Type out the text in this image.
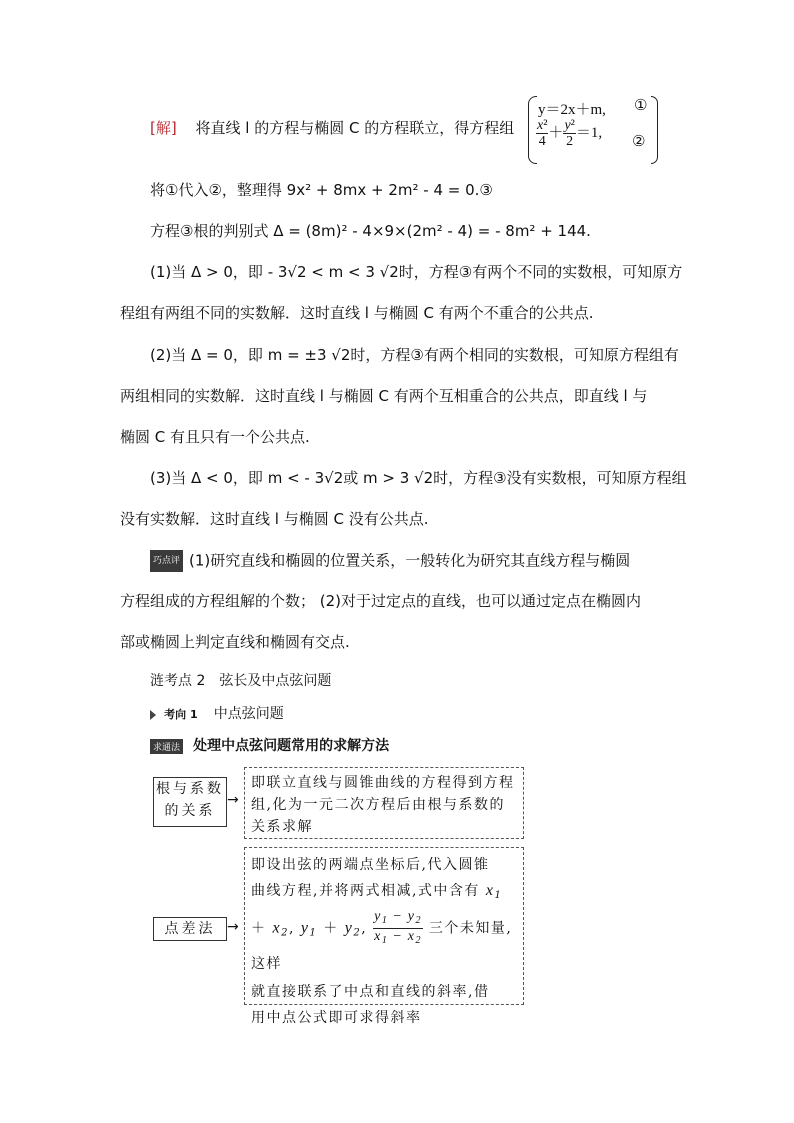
[解] 将直线 l 的方程与椭圆 C 的方程联立，得方程组
y＝2x＋m, ①
$\frac{\text{x²}}{4} + \frac{\text{y²}}{2} =1$, ②
将①代入②，整理得 9x² + 8mx + 2m² - 4 = 0.③
方程③根的判别式 Δ = (8m)² - 4×9×(2m² - 4) = - 8m² + 144.
(1)当 Δ > 0，即 - 3√2 < m < 3 √2时，方程③有两个不同的实数根，可知原方
程组有两组不同的实数解．这时直线 l 与椭圆 C 有两个不重合的公共点.
(2)当 Δ = 0，即 m = ±3 √2时，方程③有两个相同的实数根，可知原方程组有
两组相同的实数解．这时直线 l 与椭圆 C 有两个互相重合的公共点，即直线 l 与
椭圆 C 有且只有一个公共点.
(3)当 Δ < 0，即 m < - 3√2或 m > 3 √2时，方程③没有实数根，可知原方程组
没有实数解．这时直线 l 与椭圆 C 没有公共点.
巧点评 (1)研究直线和椭圆的位置关系，一般转化为研究其直线方程与椭圆
方程组成的方程组解的个数； (2)对于过定点的直线，也可以通过定点在椭圆内
部或椭圆上判定直线和椭圆有交点.
涟考点 2　弦长及中点弦问题
考向 1 中点弦问题
求通法 处理中点弦问题常用的求解方法
根与系数的关系
→
即联立直线与圆锥曲线的方程得到方程组,化为一元二次方程后由根与系数的关系求解
点差法 →
即设出弦的两端点坐标后,代入圆锥
曲线方程,并将两式相减,式中含有 $x_1$
＋ $x_2$, $y_1 + y_2$, $\frac{y_1 - y_2}{x_1 - x_2}$ 三个未知量,这样
就直接联系了中点和直线的斜率,借
用中点公式即可求得斜率
